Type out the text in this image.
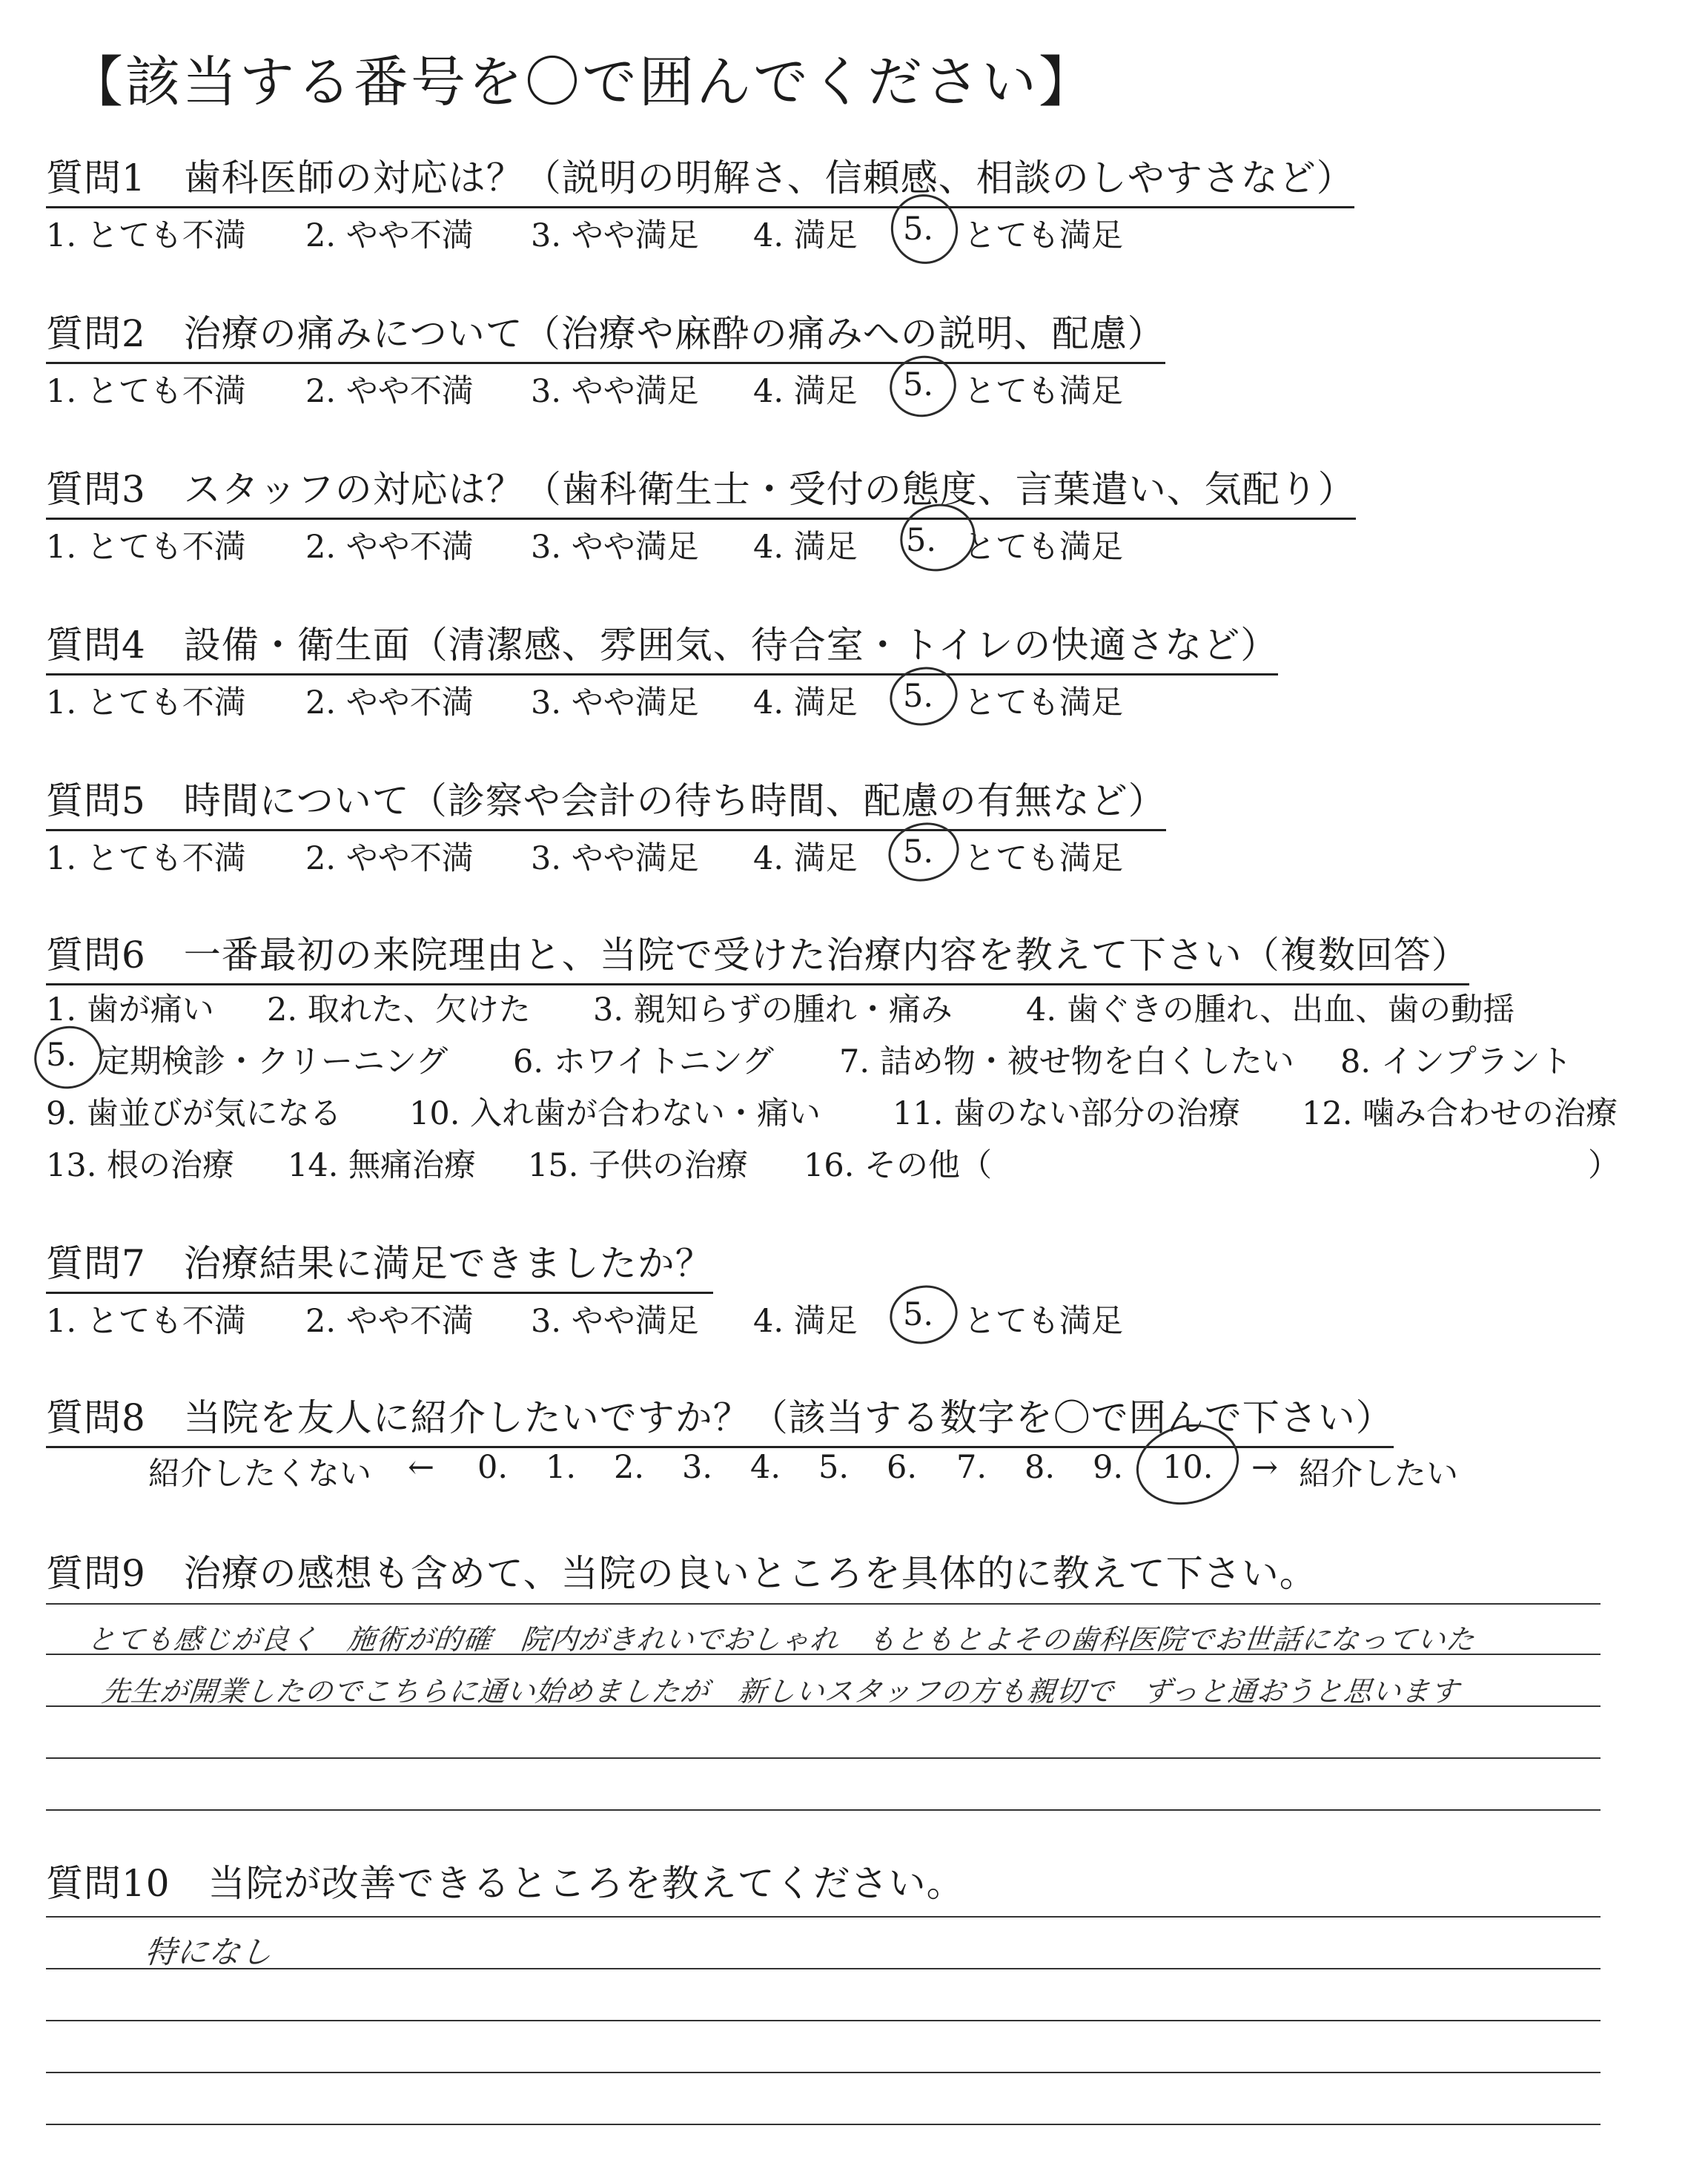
【該当する番号を〇で囲んでください】
質問1　歯科医師の対応は？（説明の明解さ、信頼感、相談のしやすさなど）
1. とても不満 2. やや不満 3. やや満足 4. 満足 5. とても満足
質問2　治療の痛みについて（治療や麻酔の痛みへの説明、配慮）
1. とても不満 2. やや不満 3. やや満足 4. 満足 5. とても満足
質問3　スタッフの対応は？（歯科衛生士・受付の態度、言葉遣い、気配り）
1. とても不満 2. やや不満 3. やや満足 4. 満足 5. とても満足
質問4　設備・衛生面（清潔感、雰囲気、待合室・トイレの快適さなど）
1. とても不満 2. やや不満 3. やや満足 4. 満足 5. とても満足
質問5　時間について（診察や会計の待ち時間、配慮の有無など）
1. とても不満 2. やや不満 3. やや満足 4. 満足 5. とても満足
質問6　一番最初の来院理由と、当院で受けた治療内容を教えて下さい（複数回答）
1. 歯が痛い 2. 取れた、欠けた 3. 親知らずの腫れ・痛み 4. 歯ぐきの腫れ、出血、歯の動揺
5. 定期検診・クリーニング 6. ホワイトニング 7. 詰め物・被せ物を白くしたい 8. インプラント
9. 歯並びが気になる 10. 入れ歯が合わない・痛い 11. 歯のない部分の治療 12. 噛み合わせの治療
13. 根の治療 14. 無痛治療 15. 子供の治療 16. その他（	）
質問7　治療結果に満足できましたか？
1. とても不満 2. やや不満 3. やや満足 4. 満足 5. とても満足
質問8　当院を友人に紹介したいですか？（該当する数字を〇で囲んで下さい）
紹介したくない ← 0. 1. 2. 3. 4. 5. 6. 7. 8. 9. 10. → 紹介したい
質問9　治療の感想も含めて、当院の良いところを具体的に教えて下さい。
とても感じが良く　施術が的確　院内がきれいでおしゃれ　もともとよその歯科医院でお世話になっていた
先生が開業したのでこちらに通い始めましたが　新しいスタッフの方も親切で　ずっと通おうと思います
質問10　当院が改善できるところを教えてください。
特になし
